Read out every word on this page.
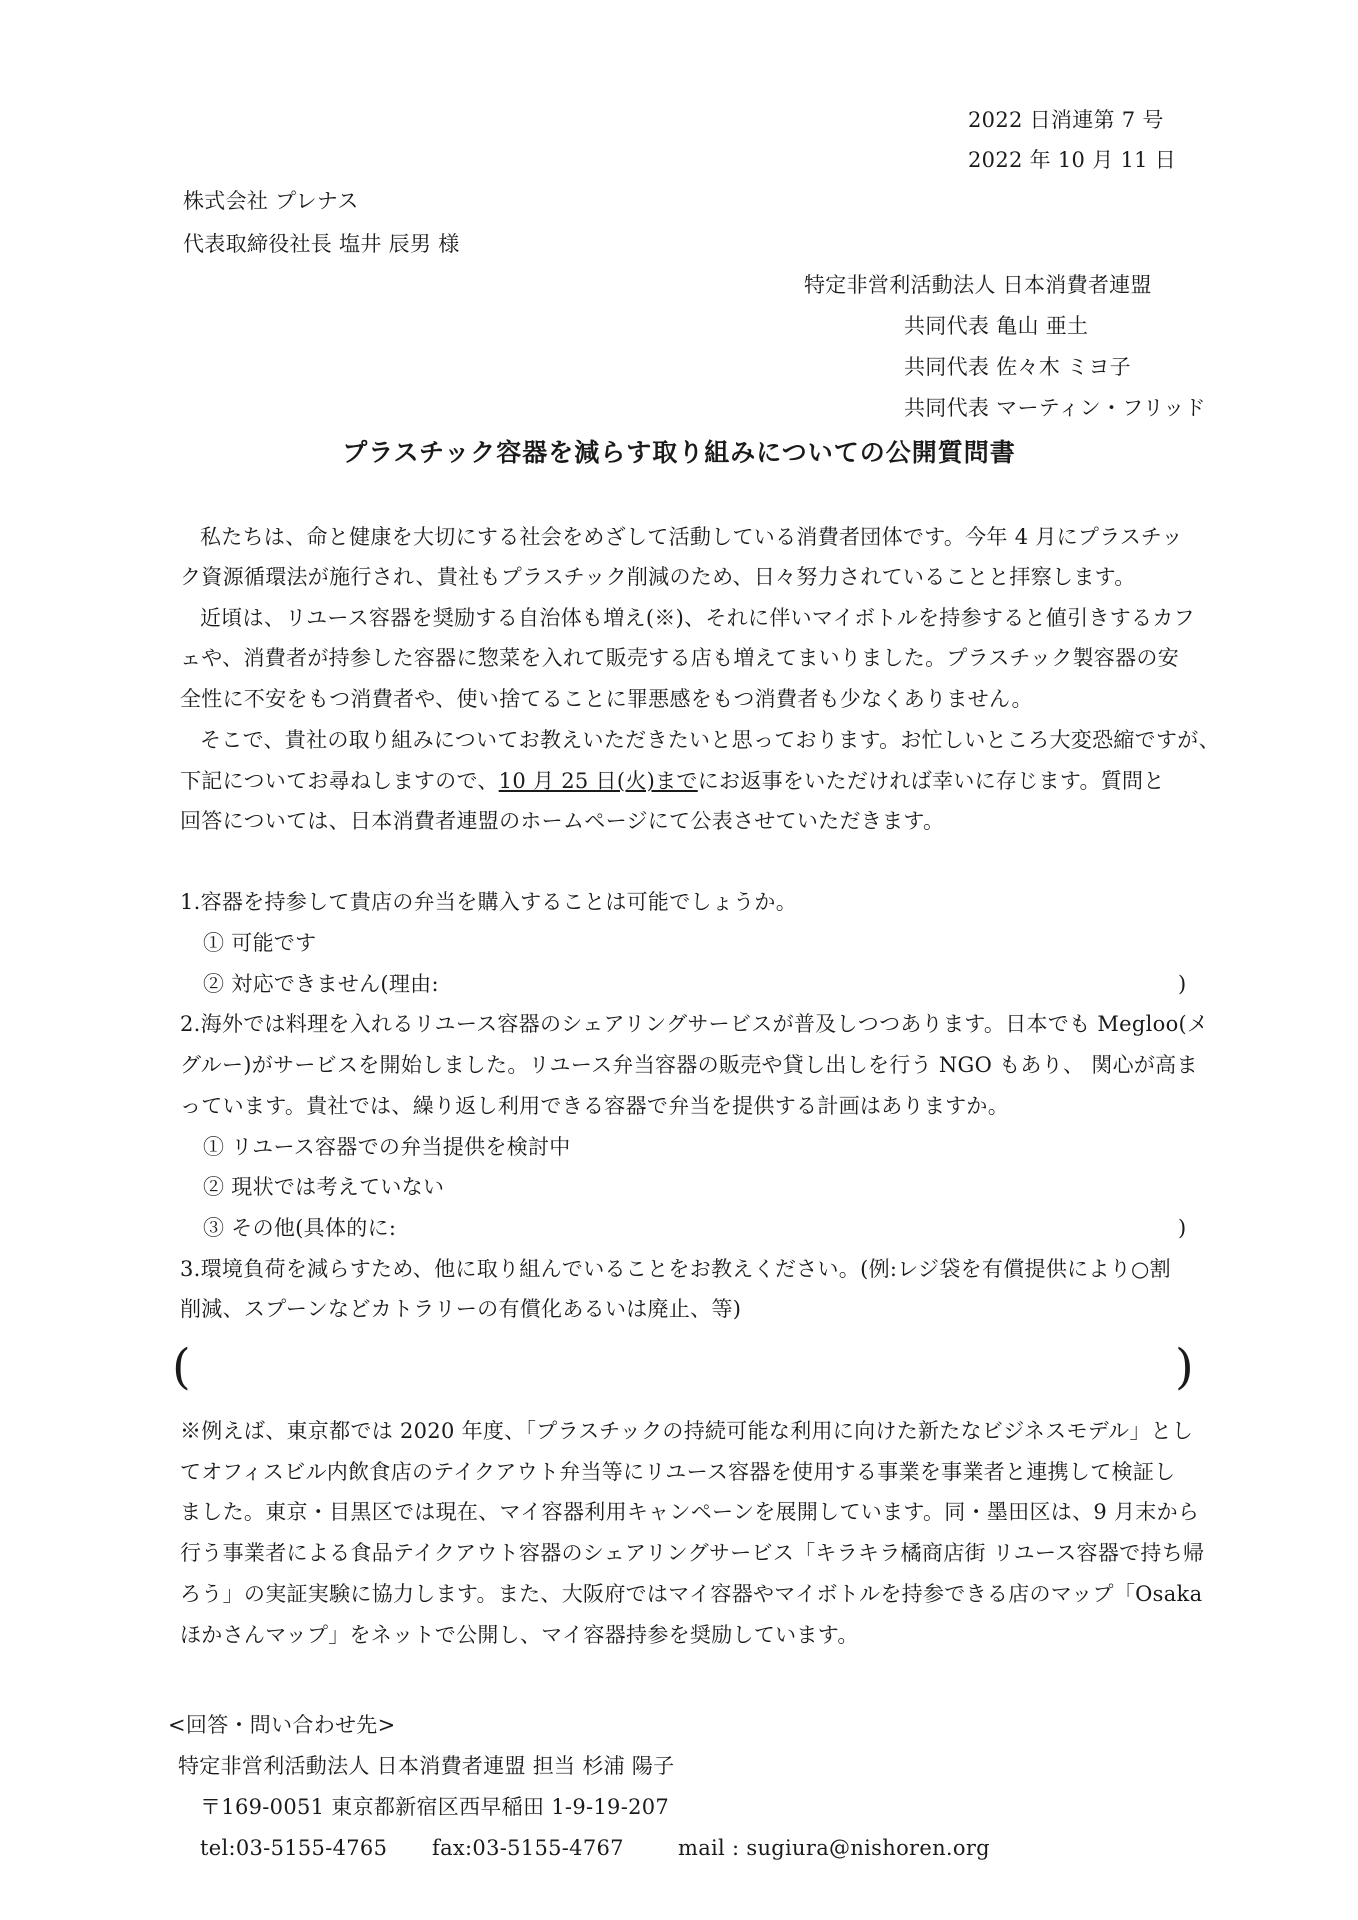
2022 日消連第 7 号
2022 年 10 月 11 日
株式会社 プレナス
代表取締役社長 塩井 辰男 様
特定非営利活動法人 日本消費者連盟
共同代表 亀山 亜土
共同代表 佐々木 ミヨ子
共同代表 マーティン・フリッド
プラスチック容器を減らす取り組みについての公開質問書
私たちは、命と健康を大切にする社会をめざして活動している消費者団体です。今年 4 月にプラスチッ
ク資源循環法が施行され、貴社もプラスチック削減のため、日々努力されていることと拝察します。
近頃は、リユース容器を奨励する自治体も増え(※)、それに伴いマイボトルを持参すると値引きするカフ
ェや、消費者が持参した容器に惣菜を入れて販売する店も増えてまいりました。プラスチック製容器の安
全性に不安をもつ消費者や、使い捨てることに罪悪感をもつ消費者も少なくありません。
そこで、貴社の取り組みについてお教えいただきたいと思っております。お忙しいところ大変恐縮ですが、
下記についてお尋ねしますので、10 月 25 日(火)までにお返事をいただければ幸いに存じます。質問と
回答については、日本消費者連盟のホームページにて公表させていただきます。
1.容器を持参して貴店の弁当を購入することは可能でしょうか。
① 可能です
② 対応できません(理由:	)
2.海外では料理を入れるリユース容器のシェアリングサービスが普及しつつあります。日本でも Megloo(メ
グルー)がサービスを開始しました。リユース弁当容器の販売や貸し出しを行う NGO もあり、 関心が高ま
っています。貴社では、繰り返し利用できる容器で弁当を提供する計画はありますか。
① リユース容器での弁当提供を検討中
② 現状では考えていない
③ その他(具体的に:	)
3.環境負荷を減らすため、他に取り組んでいることをお教えください。(例:レジ袋を有償提供により○割
削減、スプーンなどカトラリーの有償化あるいは廃止、等)
(	)
※例えば、東京都では 2020 年度、「プラスチックの持続可能な利用に向けた新たなビジネスモデル」とし
てオフィスビル内飲食店のテイクアウト弁当等にリユース容器を使用する事業を事業者と連携して検証し
ました。東京・目黒区では現在、マイ容器利用キャンペーンを展開しています。同・墨田区は、9 月末から
行う事業者による食品テイクアウト容器のシェアリングサービス「キラキラ橘商店街 リユース容器で持ち帰
ろう」の実証実験に協力します。また、大阪府ではマイ容器やマイボトルを持参できる店のマップ「Osaka
ほかさんマップ」をネットで公開し、マイ容器持参を奨励しています。
<回答・問い合わせ先>
特定非営利活動法人 日本消費者連盟 担当 杉浦 陽子
〒169-0051 東京都新宿区西早稲田 1-9-19-207
tel:03-5155-4765 fax:03-5155-4767	mail : sugiura@nishoren.org
